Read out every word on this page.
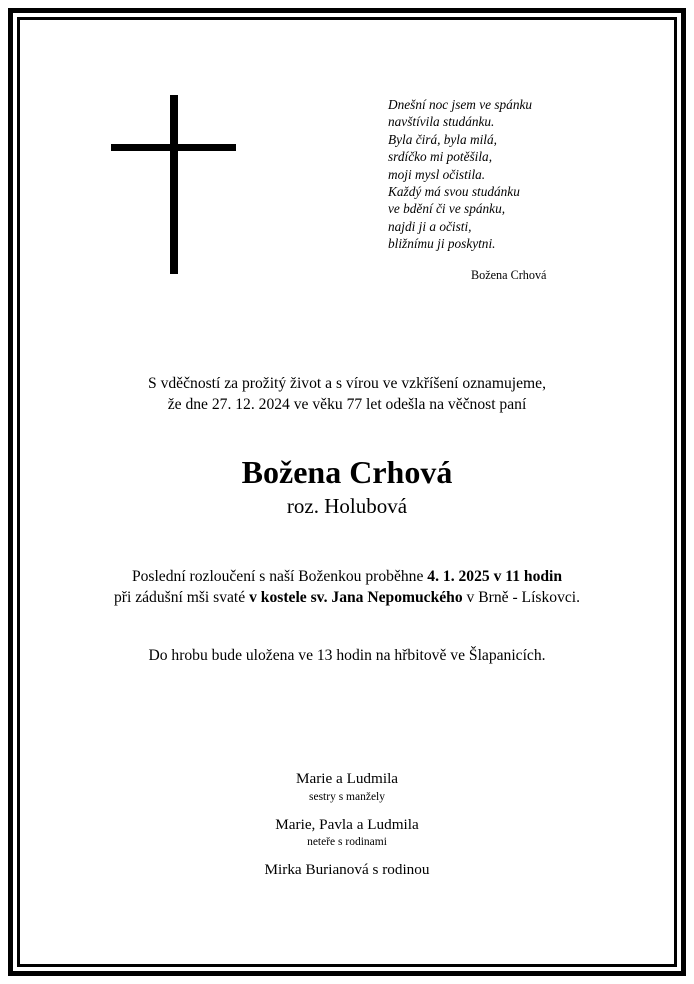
Dnešní noc jsem ve spánku
navštívila studánku.
Byla čirá, byla milá,
srdíčko mi potěšila,
moji mysl očistila.
Každý má svou studánku
ve bdění či ve spánku,
najdi ji a očisti,
bližnímu ji poskytni.
Božena Crhová
S vděčností za prožitý život a s vírou ve vzkříšení oznamujeme,
že dne 27. 12. 2024 ve věku 77 let odešla na věčnost paní
Božena Crhová
roz. Holubová
Poslední rozloučení s naší Boženkou proběhne 4. 1. 2025 v 11 hodin
při zádušní mši svaté v kostele sv. Jana Nepomuckého v Brně - Lískovci.
Do hrobu bude uložena ve 13 hodin na hřbitově ve Šlapanicích.
Marie a Ludmila
sestry s manžely
Marie, Pavla a Ludmila
neteře s rodinami
Mirka Burianová s rodinou
